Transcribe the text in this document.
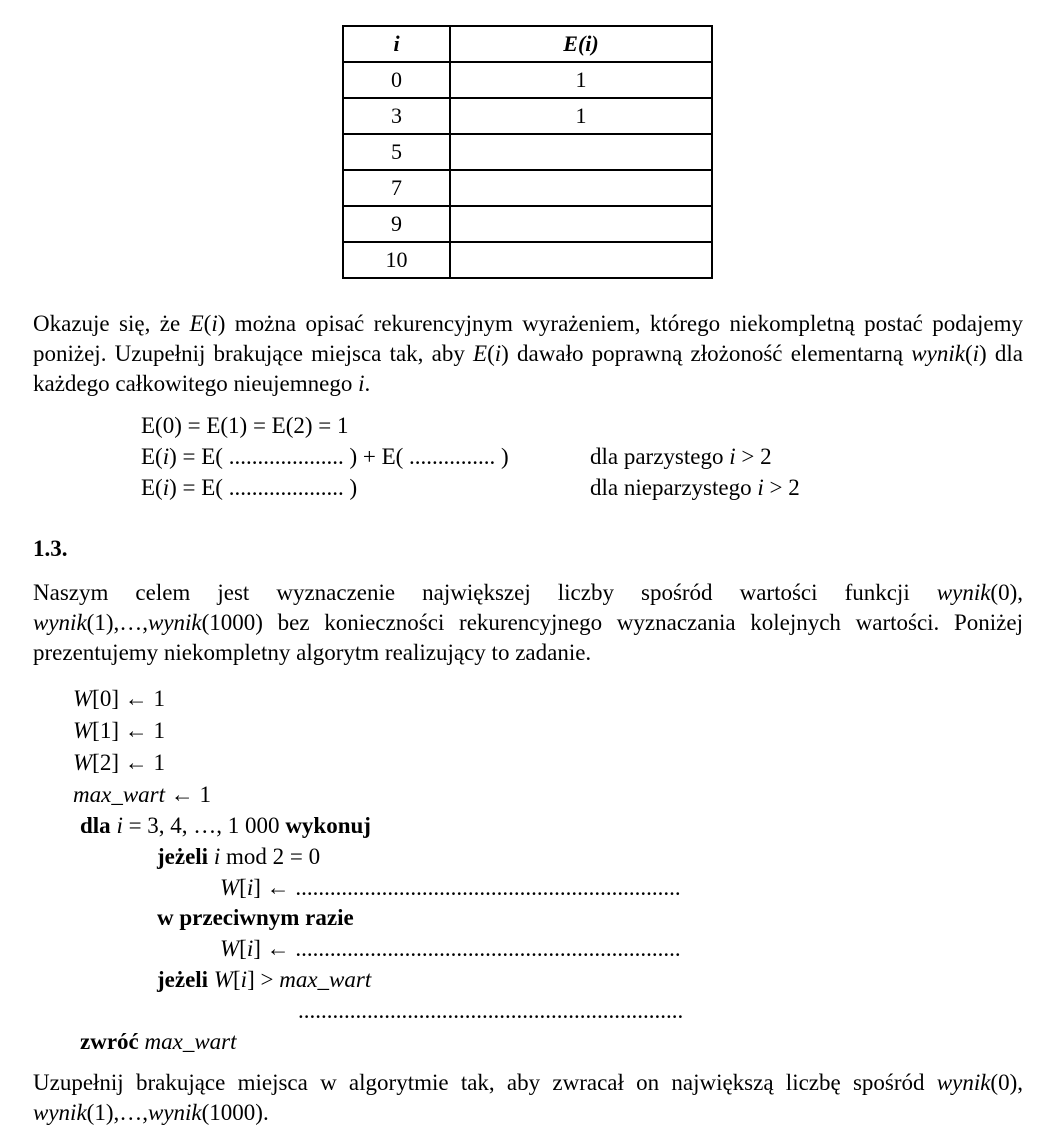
i	E(i)
0	1
3	1
5	
7	
9	
10	
Okazuje się, że E(i) można opisać rekurencyjnym wyrażeniem, którego niekompletną postać podajemy poniżej. Uzupełnij brakujące miejsca tak, aby E(i) dawało poprawną złożoność elementarną wynik(i) dla każdego całkowitego nieujemnego i.
E(0) = E(1) = E(2) = 1
E(i) = E( .................... ) + E( ............... )	dla parzystego i > 2
E(i) = E( .................... )	dla nieparzystego i > 2
1.3.
Naszym celem jest wyznaczenie największej liczby spośród wartości funkcji wynik(0), wynik(1),…,wynik(1000) bez konieczności rekurencyjnego wyznaczania kolejnych wartości. Poniżej prezentujemy niekompletny algorytm realizujący to zadanie.
W[0] ← 1
W[1] ← 1
W[2] ← 1
max_wart ← 1
dla i = 3, 4, …, 1 000 wykonuj
jeżeli i mod 2 = 0
W[i] ← ...................................................................
w przeciwnym razie
W[i] ← ...................................................................
jeżeli W[i] > max_wart
...................................................................
zwróć max_wart
Uzupełnij brakujące miejsca w algorytmie tak, aby zwracał on największą liczbę spośród wynik(0), wynik(1),…,wynik(1000).
